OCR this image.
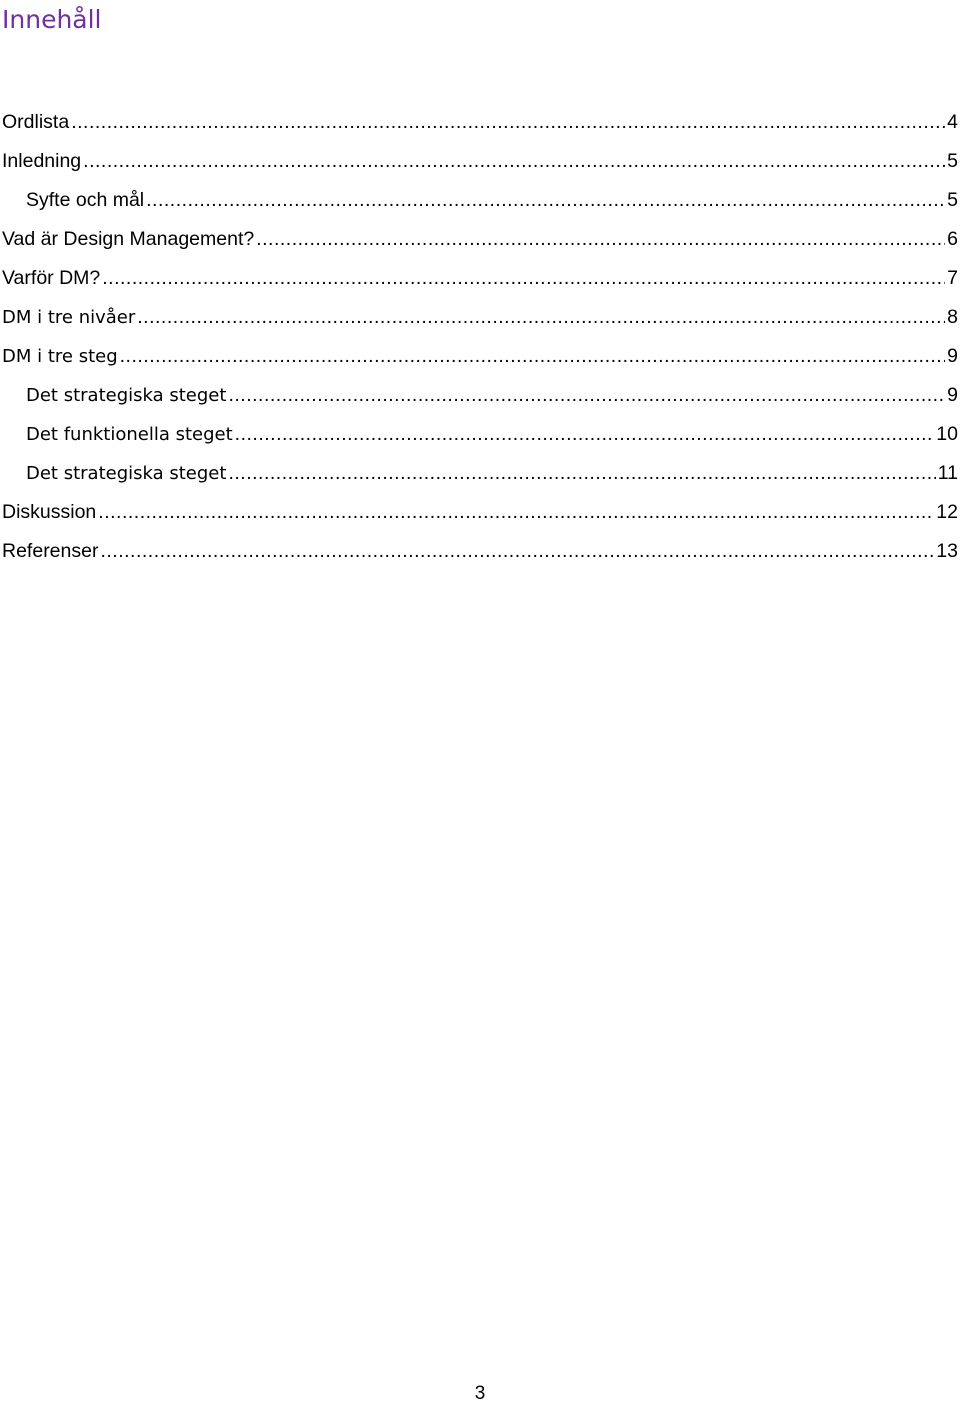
Innehåll
Ordlista .....	4
Inledning .....	5
Syfte och mål .....	5
Vad är Design Management? .....	6
Varför DM? .....	7
DM i tre nivåer .....	8
DM i tre steg .....	9
Det strategiska steget .....	9
Det funktionella steget .....	10
Det strategiska steget .....	11
Diskussion .....	12
Referenser .....	13

3
